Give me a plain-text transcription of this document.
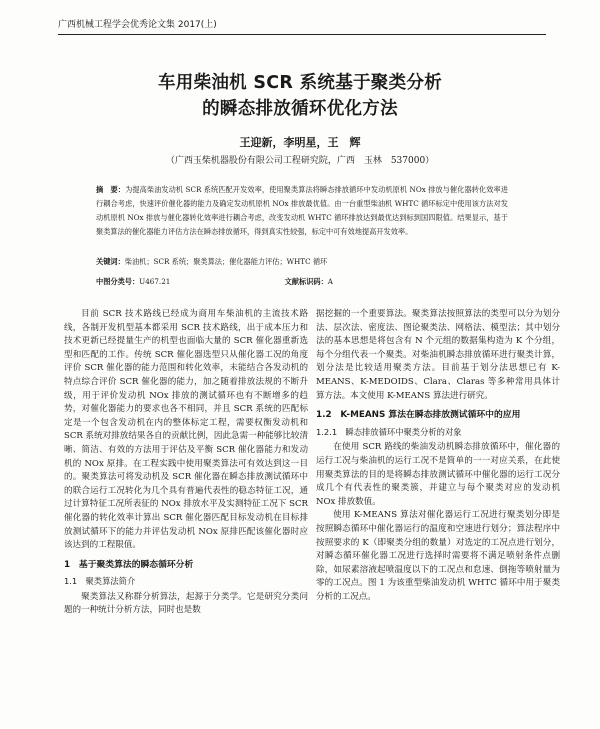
广西机械工程学会优秀论文集 2017(上)
车用柴油机 SCR 系统基于聚类分析
的瞬态排放循环优化方法
王迎新，李明星，王　辉
（广西玉柴机器股份有限公司工程研究院，广西　玉林　537000）
摘　要：为提高柴油发动机 SCR 系统匹配开发效率，使用聚类算法将瞬态排放循环中发动机原机 NOx 排放与催化器转化效率进行耦合考虑，快速评价催化器的能力及确定发动机原机 NOx 排放最优值。由一台重型柴油机 WHTC 循环标定中使用该方法对发动机原机 NOx 排放与催化器转化效率进行耦合考虑，改变发动机 WHTC 循环排放达到最优达到标到国四限值。结果显示，基于聚类算法的催化器能力评估方法在瞬态排放循环，得到真实性较强，标定中可有效地提高开发效率。
关键词：柴油机；SCR 系统；聚类算法；催化器能力评估；WHTC 循环
中图分类号：U467.21	文献标识码：A

目前 SCR 技术路线已经成为商用车柴油机的主流技术路线，各制开发机型基本都采用 SCR 技术路线，出于成本压力和技术更新已经提量生产的机型也面临大量的 SCR 催化器重新选型和匹配的工作。传统 SCR 催化器选型只从催化器工况的角度评价 SCR 催化器的能力范围和转化效率，未能结合各发动机的特点综合评价 SCR 催化器的能力，加之随着排放法规的不断升级，用于评价发动机 NOx 排放的测试循环也有不断增多的趋势，对催化器能力的要求也各不相同，并且 SCR 系统的匹配标定是一个包含发动机在内的整体标定工程，需要权衡发动机和 SCR 系统对排放结果各自的贡献比例，因此急需一种能够比较清晰、简洁、有效的方法用于评估及平衡 SCR 催化器能力和发动机的 NOx 原排。在工程实践中使用聚类算法可有效达到这一目的。聚类算法可将发动机及 SCR 催化器在瞬态排放测试循环中的联合运行工况转化为几个具有普遍代表性的稳态特征工况，通过计算特征工况所表征的 NOx 排放水平及实测特征工况下 SCR 催化器的转化效率计算出 SCR 催化器匹配目标发动机在目标排放测试循环下的能力并评估发动机 NOx 原排匹配该催化器时应该达到的工程限值。

1　基于聚类算法的瞬态循环分析
1.1　聚类算法简介

聚类算法又称群分析算法，起源于分类学。它是研究分类问题的一种统计分析方法，同时也是数

据挖掘的一个重要算法。聚类算法按照算法的类型可以分为划分法、层次法、密度法、图论聚类法、网格法、模型法；其中划分法的基本思想是将包含有 N 个元组的数据集构造为 K 个分组，每个分组代表一个聚类。对柴油机瞬态排放循环进行聚类计算，划分法是比较适用聚类方法。目前基于划分法思想已有 K-MEANS、K-MEDOIDS、Clara、Claras 等多种常用具体计算方法。本文使用 K-MEANS 算法进行研究。

1.2　K-MEANS 算法在瞬态排放测试循环中的应用
1.2.1　瞬态排放循环中聚类分析的对象

在使用 SCR 路线的柴油发动机瞬态排放循环中，催化器的运行工况与柴油机的运行工况不是简单的一一对应关系，在此使用聚类算法的目的是将瞬态排放测试循环中催化器的运行工况分成几个有代表性的聚类簇，并建立与每个聚类对应的发动机 NOx 排放数值。

使用 K-MEANS 算法对催化器运行工况进行聚类划分即是按照瞬态循环中催化器运行的温度和空速进行划分；算法程序中按照要求的 K（即聚类分组的数量）对选定的工况点进行划分，对瞬态循环催化器工况进行选择时需要将不满足喷射条件点删除，如尿素溶液起喷温度以下的工况点和怠速、倒拖等喷射量为零的工况点。图 1 为该重型柴油发动机 WHTC 循环中用于聚类分析的工况点。
